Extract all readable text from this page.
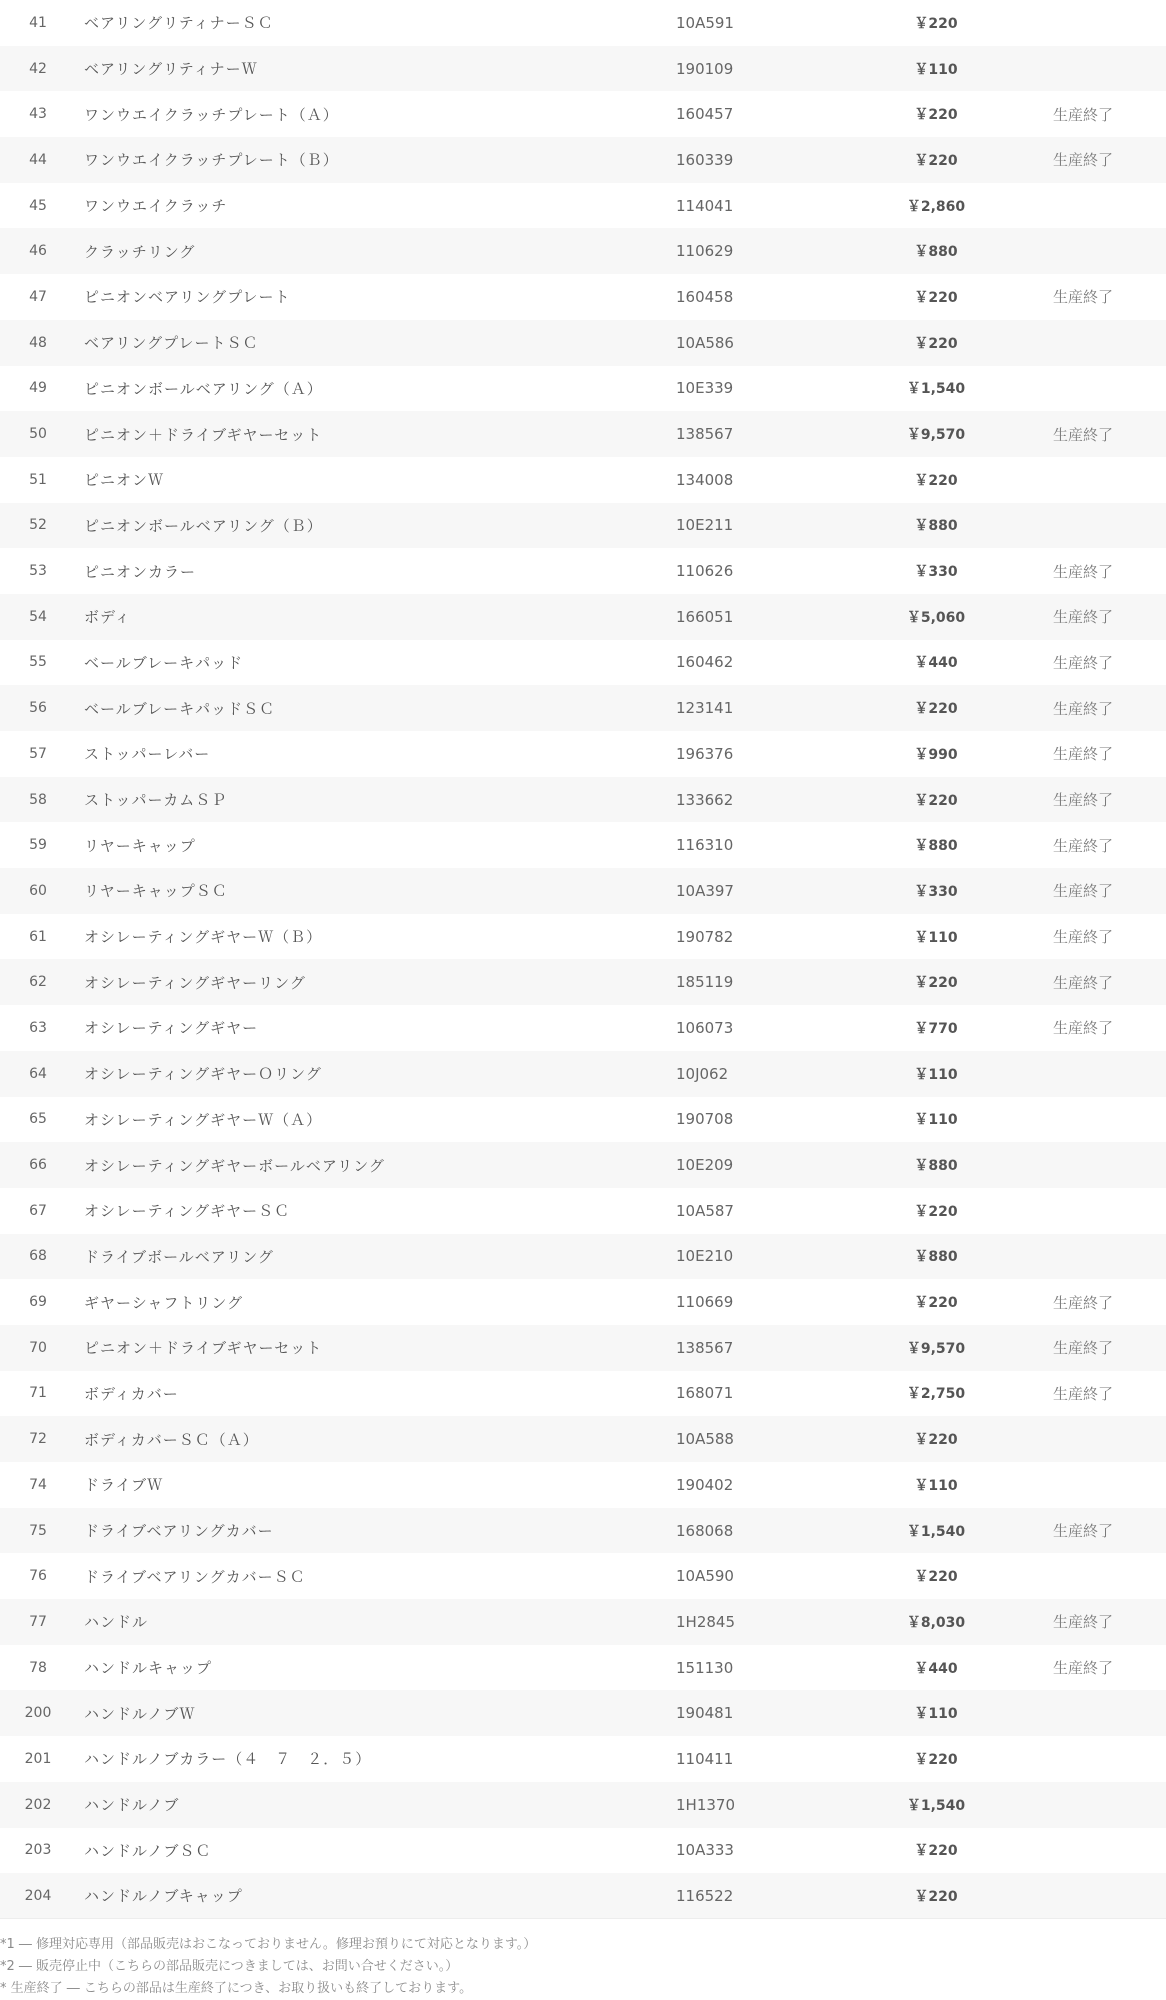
41	ベアリングリティナーＳＣ	10A591	￥220
42	ベアリングリティナーＷ	190109	￥110
43	ワンウエイクラッチプレート（Ａ）	160457	￥220	生産終了
44	ワンウエイクラッチプレート（Ｂ）	160339	￥220	生産終了
45	ワンウエイクラッチ	114041	￥2,860
46	クラッチリング	110629	￥880
47	ピニオンベアリングプレート	160458	￥220	生産終了
48	ベアリングプレートＳＣ	10A586	￥220
49	ピニオンボールベアリング（Ａ）	10E339	￥1,540
50	ピニオン＋ドライブギヤーセット	138567	￥9,570	生産終了
51	ピニオンＷ	134008	￥220
52	ピニオンボールベアリング（Ｂ）	10E211	￥880
53	ピニオンカラー	110626	￥330	生産終了
54	ボディ	166051	￥5,060	生産終了
55	ベールブレーキパッド	160462	￥440	生産終了
56	ベールブレーキパッドＳＣ	123141	￥220	生産終了
57	ストッパーレバー	196376	￥990	生産終了
58	ストッパーカムＳＰ	133662	￥220	生産終了
59	リヤーキャップ	116310	￥880	生産終了
60	リヤーキャップＳＣ	10A397	￥330	生産終了
61	オシレーティングギヤーＷ（Ｂ）	190782	￥110	生産終了
62	オシレーティングギヤーリング	185119	￥220	生産終了
63	オシレーティングギヤー	106073	￥770	生産終了
64	オシレーティングギヤーＯリング	10J062	￥110
65	オシレーティングギヤーＷ（Ａ）	190708	￥110
66	オシレーティングギヤーボールベアリング	10E209	￥880
67	オシレーティングギヤーＳＣ	10A587	￥220
68	ドライブボールベアリング	10E210	￥880
69	ギヤーシャフトリング	110669	￥220	生産終了
70	ピニオン＋ドライブギヤーセット	138567	￥9,570	生産終了
71	ボディカバー	168071	￥2,750	生産終了
72	ボディカバーＳＣ（Ａ）	10A588	￥220
74	ドライブＷ	190402	￥110
75	ドライブベアリングカバー	168068	￥1,540	生産終了
76	ドライブベアリングカバーＳＣ	10A590	￥220
77	ハンドル	1H2845	￥8,030	生産終了
78	ハンドルキャップ	151130	￥440	生産終了
200	ハンドルノブＷ	190481	￥110
201	ハンドルノブカラー（４　７　２．５）	110411	￥220
202	ハンドルノブ	1H1370	￥1,540
203	ハンドルノブＳＣ	10A333	￥220
204	ハンドルノブキャップ	116522	￥220
*1 ― 修理対応専用（部品販売はおこなっておりません。修理お預りにて対応となります。）
*2 ― 販売停止中（こちらの部品販売につきましては、お問い合せください。）
* 生産終了 ― こちらの部品は生産終了につき、お取り扱いも終了しております。
